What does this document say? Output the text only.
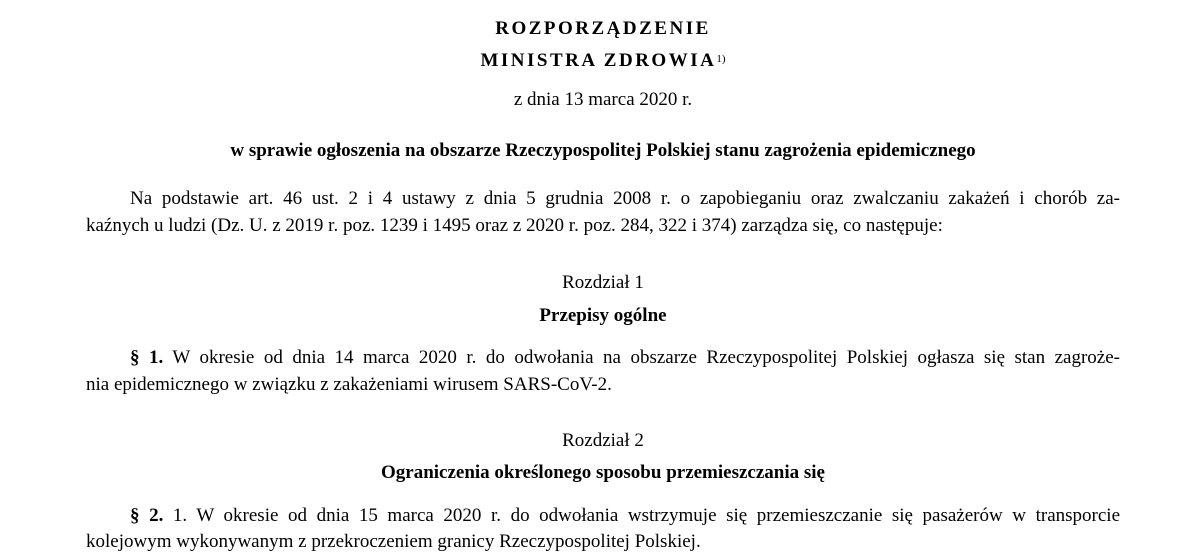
ROZPORZĄDZENIE
MINISTRA ZDROWIA$^{1)}$
z dnia 13 marca 2020 r.
w sprawie ogłoszenia na obszarze Rzeczypospolitej Polskiej stanu zagrożenia epidemicznego
Na podstawie art. 46 ust. 2 i 4 ustawy z dnia 5 grudnia 2008 r. o zapobieganiu oraz zwalczaniu zakażeń i chorób za-
kaźnych u ludzi (Dz. U. z 2019 r. poz. 1239 i 1495 oraz z 2020 r. poz. 284, 322 i 374) zarządza się, co następuje:
Rozdział 1
Przepisy ogólne
§ 1. W okresie od dnia 14 marca 2020 r. do odwołania na obszarze Rzeczypospolitej Polskiej ogłasza się stan zagroże-
nia epidemicznego w związku z zakażeniami wirusem SARS-CoV-2.
Rozdział 2
Ograniczenia określonego sposobu przemieszczania się
§ 2. 1. W okresie od dnia 15 marca 2020 r. do odwołania wstrzymuje się przemieszczanie się pasażerów w transporcie
kolejowym wykonywanym z przekroczeniem granicy Rzeczypospolitej Polskiej.
